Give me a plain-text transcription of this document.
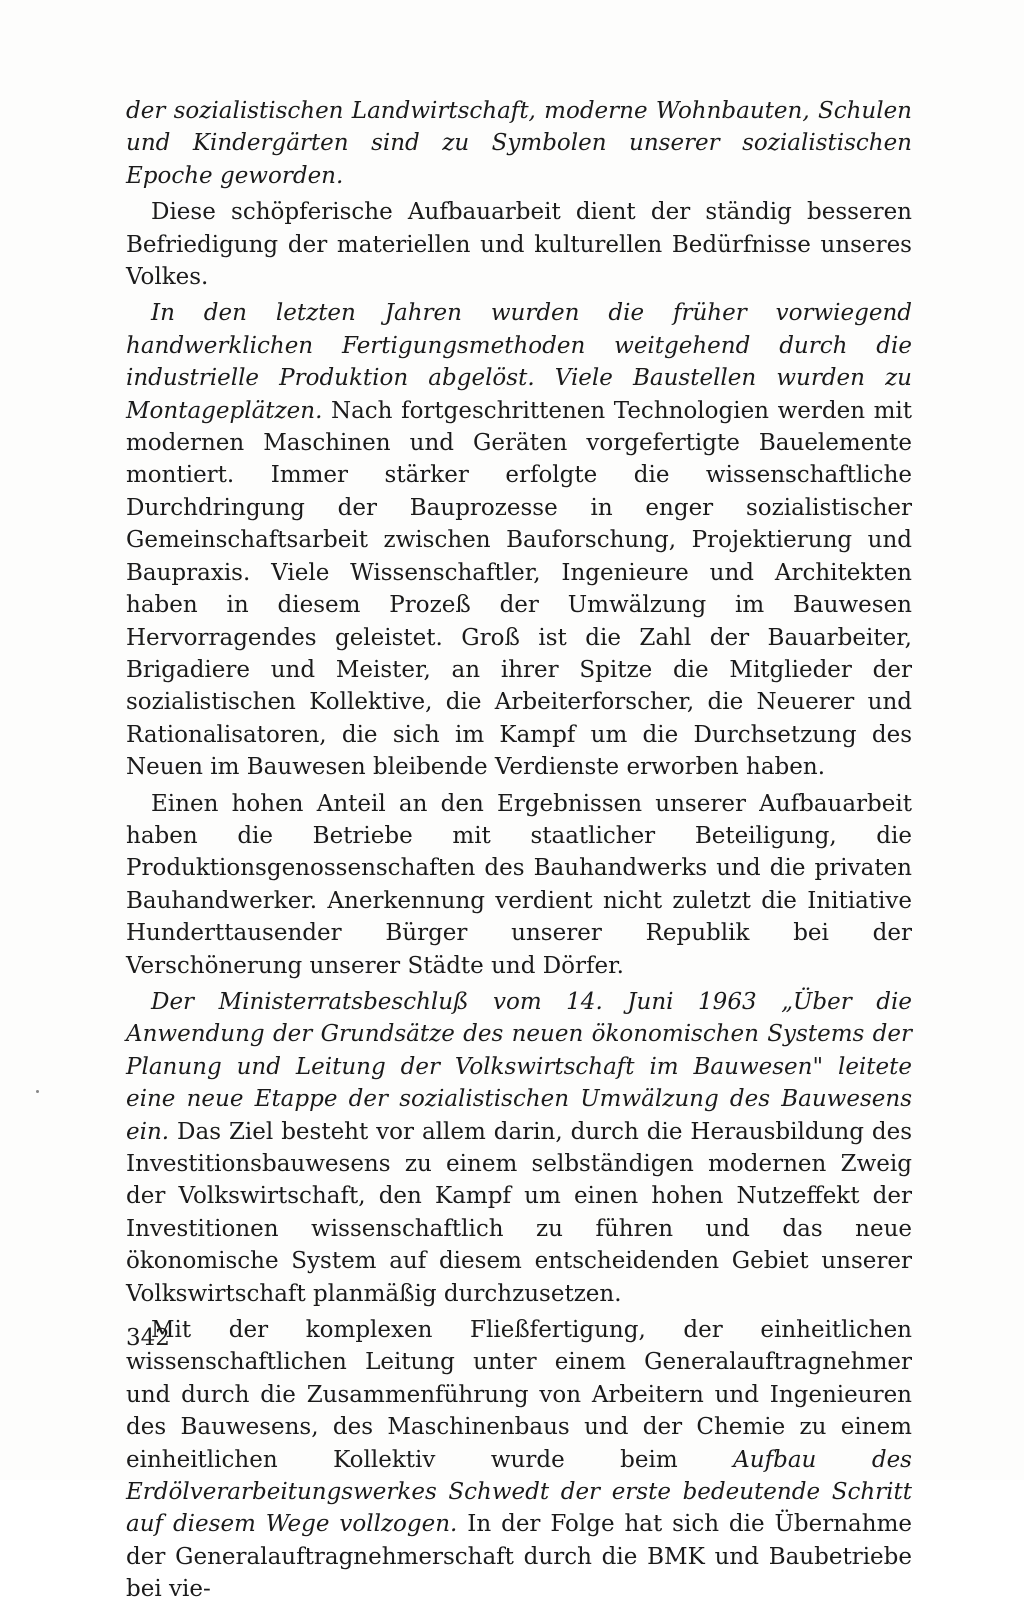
der sozialistischen Landwirtschaft, moderne Wohnbauten, Schulen und Kindergärten sind zu Symbolen unserer sozialistischen Epoche geworden.

Diese schöpferische Aufbauarbeit dient der ständig besseren Befriedigung der materiellen und kulturellen Bedürfnisse unseres Volkes.

In den letzten Jahren wurden die früher vorwiegend handwerklichen Fertigungsmethoden weitgehend durch die industrielle Produktion abgelöst. Viele Baustellen wurden zu Montageplätzen. Nach fortgeschrittenen Technologien werden mit modernen Maschinen und Geräten vorgefertigte Bauelemente montiert. Immer stärker erfolgte die wissenschaftliche Durchdringung der Bauprozesse in enger sozialistischer Gemeinschaftsarbeit zwischen Bauforschung, Projektierung und Baupraxis. Viele Wissenschaftler, Ingenieure und Architekten haben in diesem Prozeß der Umwälzung im Bauwesen Hervorragendes geleistet. Groß ist die Zahl der Bauarbeiter, Brigadiere und Meister, an ihrer Spitze die Mitglieder der sozialistischen Kollektive, die Arbeiterforscher, die Neuerer und Rationalisatoren, die sich im Kampf um die Durchsetzung des Neuen im Bauwesen bleibende Verdienste erworben haben.

Einen hohen Anteil an den Ergebnissen unserer Aufbauarbeit haben die Betriebe mit staatlicher Beteiligung, die Produktionsgenossenschaften des Bauhandwerks und die privaten Bauhandwerker. Anerkennung verdient nicht zuletzt die Initiative Hunderttausender Bürger unserer Republik bei der Verschönerung unserer Städte und Dörfer.

Der Ministerratsbeschluß vom 14. Juni 1963 „Über die Anwendung der Grundsätze des neuen ökonomischen Systems der Planung und Leitung der Volkswirtschaft im Bauwesen" leitete eine neue Etappe der sozialistischen Umwälzung des Bauwesens ein. Das Ziel besteht vor allem darin, durch die Herausbildung des Investitionsbauwesens zu einem selbständigen modernen Zweig der Volkswirtschaft, den Kampf um einen hohen Nutzeffekt der Investitionen wissenschaftlich zu führen und das neue ökonomische System auf diesem entscheidenden Gebiet unserer Volkswirtschaft planmäßig durchzusetzen.

Mit der komplexen Fließfertigung, der einheitlichen wissenschaftlichen Leitung unter einem Generalauftragnehmer und durch die Zusammenführung von Arbeitern und Ingenieuren des Bauwesens, des Maschinenbaus und der Chemie zu einem einheitlichen Kollektiv wurde beim Aufbau des Erdölverarbeitungswerkes Schwedt der erste bedeutende Schritt auf diesem Wege vollzogen. In der Folge hat sich die Übernahme der Generalauftragnehmerschaft durch die BMK und Baubetriebe bei vie-

342
